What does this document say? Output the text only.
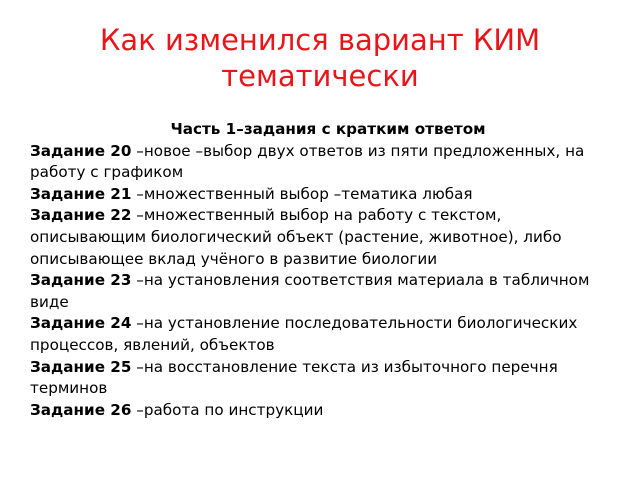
Как изменился вариант КИМ
тематически

Часть 1–задания с кратким ответом

Задание 20 –новое –выбор двух ответов из пяти предложенных, на работу с графиком

Задание 21 –множественный выбор –тематика любая

Задание 22 –множественный выбор на работу с текстом, описывающим биологический объект (растение, животное), либо описывающее вклад учёного в развитие биологии

Задание 23 –на установления соответствия материала в табличном виде

Задание 24 –на установление последовательности биологических процессов, явлений, объектов

Задание 25 –на восстановление текста из избыточного перечня терминов

Задание 26 –работа по инструкции
